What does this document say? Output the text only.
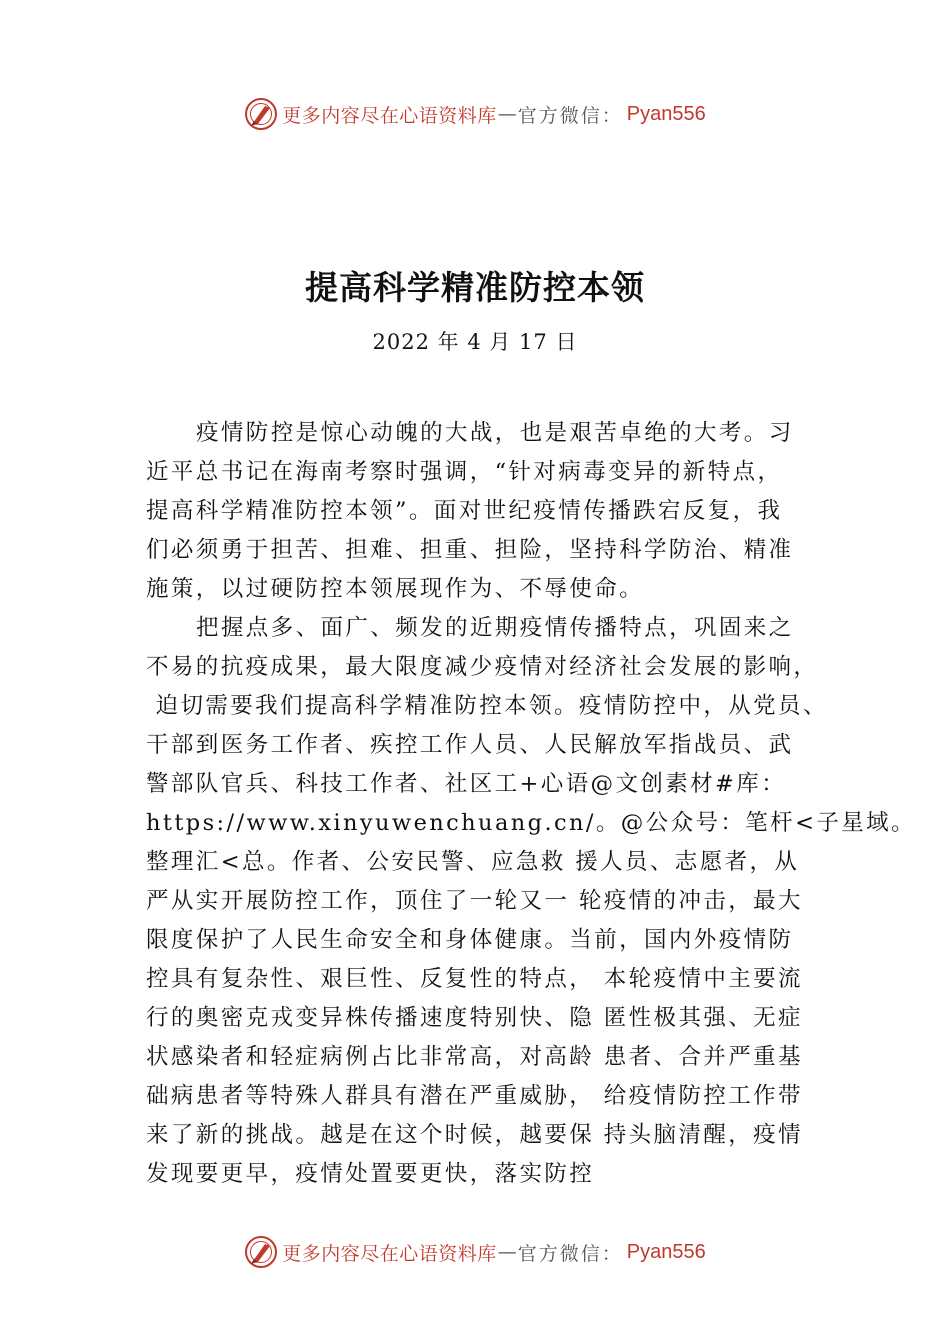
更多内容尽在心语资料库 — 官方微信： Pyan556
提高科学精准防控本领
2022 年 4 月 17 日
疫情防控是惊心动魄的大战，也是艰苦卓绝的大考。习
近平总书记在海南考察时强调，“针对病毒变异的新特点，
提高科学精准防控本领”。面对世纪疫情传播跌宕反复，我
们必须勇于担苦、担难、担重、担险，坚持科学防治、精准
施策，以过硬防控本领展现作为、不辱使命。
把握点多、面广、频发的近期疫情传播特点，巩固来之
不易的抗疫成果，最大限度减少疫情对经济社会发展的影响，
迫切需要我们提高科学精准防控本领。疫情防控中，从党员、
干部到医务工作者、疾控工作人员、人民解放军指战员、武
警部队官兵、科技工作者、社区工+心语@文创素材#库：
https://www.xinyuwenchuang.cn/。@公众号：笔杆<子星域。
整理汇<总。作者、公安民警、应急救 援人员、志愿者，从
严从实开展防控工作，顶住了一轮又一 轮疫情的冲击，最大
限度保护了人民生命安全和身体健康。当前，国内外疫情防
控具有复杂性、艰巨性、反复性的特点， 本轮疫情中主要流
行的奥密克戎变异株传播速度特别快、隐 匿性极其强、无症
状感染者和轻症病例占比非常高，对高龄 患者、合并严重基
础病患者等特殊人群具有潜在严重威胁， 给疫情防控工作带
来了新的挑战。越是在这个时候，越要保 持头脑清醒，疫情
发现要更早，疫情处置要更快，落实防控
更多内容尽在心语资料库 — 官方微信： Pyan556
